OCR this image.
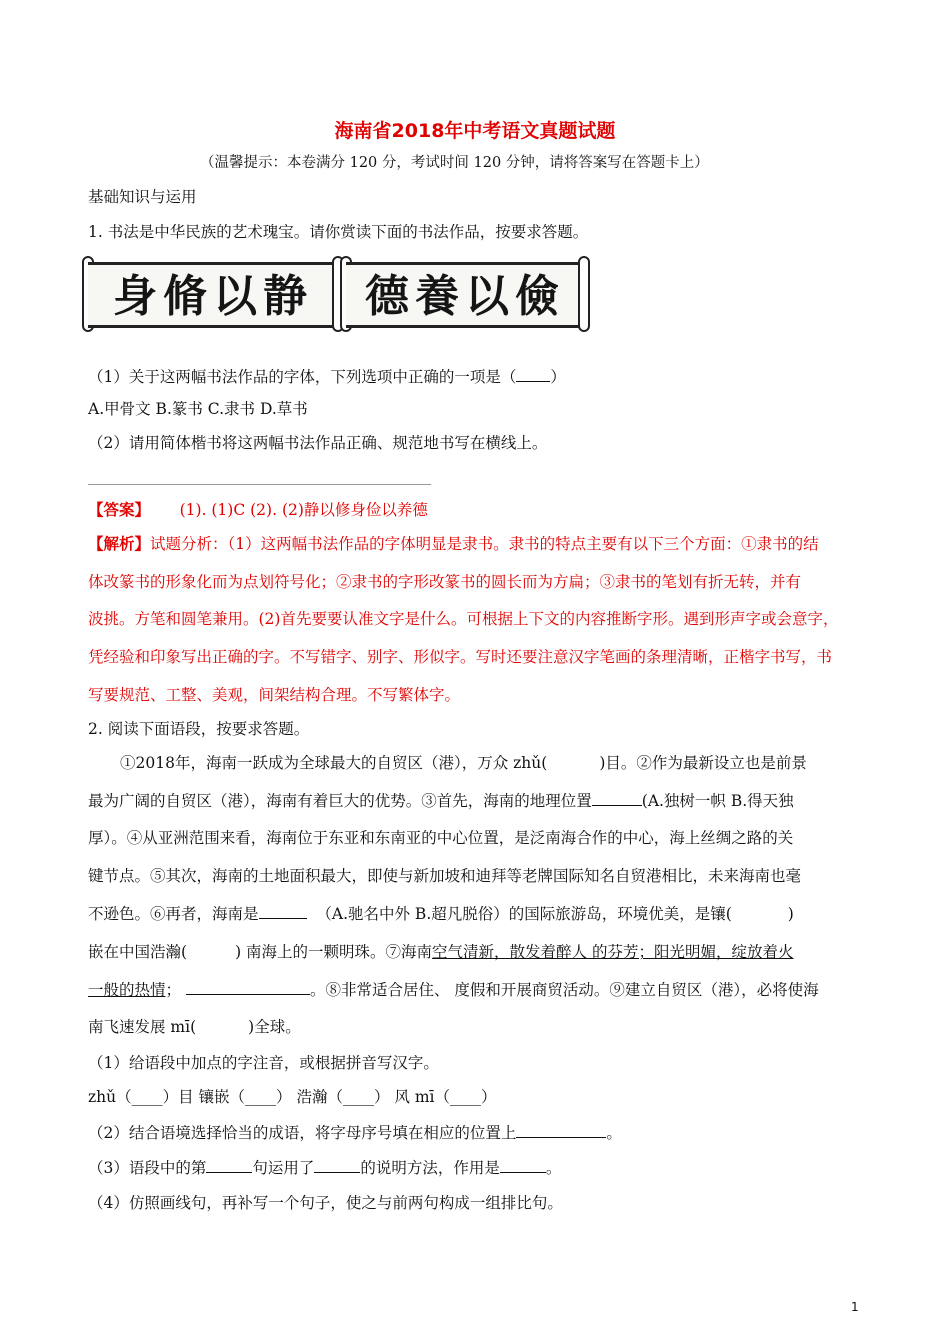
海南省2018年中考语文真题试题
（温馨提示：本卷满分 120 分，考试时间 120 分钟，请将答案写在答题卡上）
基础知识与运用
1. 书法是中华民族的艺术瑰宝。请你赏读下面的书法作品，按要求答题。
身脩以静	德養以儉
（1）关于这两幅书法作品的字体，下列选项中正确的一项是（ ）
A.甲骨文 B.篆书 C.隶书 D.草书
（2）请用简体楷书将这两幅书法作品正确、规范地书写在横线上。
【答案】 (1). (1)C (2). (2)静以修身俭以养德
【解析】试题分析：（1）这两幅书法作品的字体明显是隶书。隶书的特点主要有以下三个方面：①隶书的结
体改篆书的形象化而为点划符号化；②隶书的字形改篆书的圆长而为方扁；③隶书的笔划有折无转，并有
波挑。方笔和圆笔兼用。(2)首先要要认准文字是什么。可根据上下文的内容推断字形。遇到形声字或会意字，
凭经验和印象写出正确的字。不写错字、别字、形似字。写时还要注意汉字笔画的条理清晰，正楷字书写，书
写要规范、工整、美观，间架结构合理。不写繁体字。
2. 阅读下面语段，按要求答题。
①2018年，海南一跃成为全球最大的自贸区（港），万众 zhǔ(	)目。②作为最新设立也是前景
最为广阔的自贸区（港），海南有着巨大的优势。③首先，海南的地理位置	(A.独树一帜 B.得天独
厚）。④从亚洲范围来看，海南位于东亚和东南亚的中心位置，是泛南海合作的中心，海上丝绸之路的关
键节点。⑤其次，海南的土地面积最大，即使与新加坡和迪拜等老牌国际知名自贸港相比，未来海南也毫
不逊色。⑥再者，海南是	（A.驰名中外 B.超凡脱俗）的国际旅游岛，环境优美，是镶(	)
嵌在中国浩瀚(	) 南海上的一颗明珠。⑦海南空气清新，散发着醉人 的芬芳；阳光明媚，绽放着火
一般的热情；	。⑧非常适合居住、 度假和开展商贸活动。⑨建立自贸区（港），必将使海
南飞速发展 mī(	)全球。
（1）给语段中加点的字注音，或根据拼音写汉字。
zhǔ（____）目 镶嵌（____） 浩瀚（____） 风 mī（____）
（2）结合语境选择恰当的成语，将字母序号填在相应的位置上	。
（3）语段中的第	句运用了	的说明方法，作用是	。
（4）仿照画线句，再补写一个句子，使之与前两句构成一组排比句。
1
